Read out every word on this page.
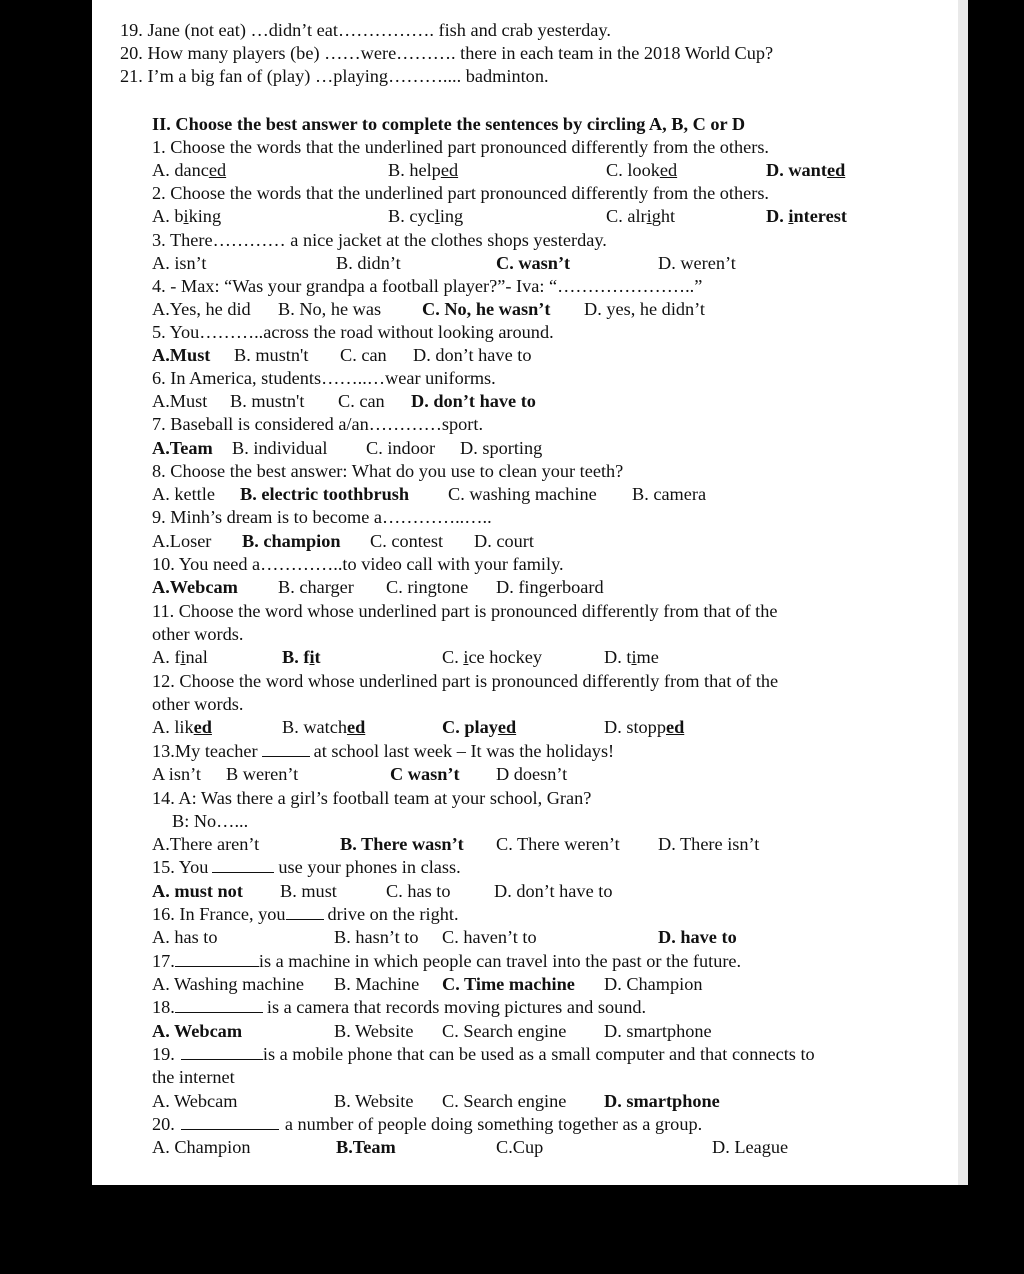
19. Jane (not eat) …didn’t eat……………. fish and crab yesterday.
20. How many players (be) ……were………. there in each team in the 2018 World Cup?
21. I’m a big fan of (play) …playing……….... badminton.
II. Choose the best answer to complete the sentences by circling A, B, C or D
1. Choose the words that the underlined part pronounced differently from the others.

A. danced

	B. helped

	C. looked

	D. wanted

2. Choose the words that the underlined part pronounced differently from the others.

A. biking

	B. cycling

	C. alright

	D. interest

3. There………… a nice jacket at the clothes shops yesterday.

A. isn’t

	B. didn’t

	C. wasn’t

	D. weren’t

4. - Max: “Was your grandpa a football player?”- Iva: “…………………..”

A.Yes, he did

B. No, he was

C. No, he wasn’t

D. yes, he didn’t

5. You………..across the road without looking around.

A.Must

B. mustn't

C. can

D. don’t have to

6. In America, students……..…wear uniforms.

A.Must

B. mustn't

C. can

D. don’t have to

7. Baseball is considered a/an…………sport.

A.Team

B. individual

C. indoor

D. sporting

8. Choose the best answer: What do you use to clean your teeth?

A. kettle

B. electric toothbrush

C. washing machine

B. camera

9. Minh’s dream is to become a…………..…..

A.Loser

B. champion

C. contest

D. court

10. You need a…………..to video call with your family.

A.Webcam

B. charger

C. ringtone

D. fingerboard

11. Choose the word whose underlined part is pronounced differently from that of the
other words.

A. final

	B. fit

	C. ice hockey

	D. time

12. Choose the word whose underlined part is pronounced differently from that of the
other words.

A. liked

	B. watched

	C. played

	D. stopped

13.My teacher	at school last week – It was the holidays!

A isn’t

B weren’t

	C wasn’t

D doesn’t

14. A: Was there a girl’s football team at your school, Gran?
B: No…...

A.There aren’t

	B. There wasn’t

C. There weren’t

D. There isn’t

15. You	use your phones in class.

A. must not

B. must

	C. has to

D. don’t have to

16. In France, you drive on the right.

A. has to

	B. hasn’t to

C. haven’t to

	D. have to

17.	is a machine in which people can travel into the past or the future.

A. Washing machine

B. Machine

C. Time machine

D. Champion

18.	is a camera that records moving pictures and sound.

A. Webcam

	B. Website

C. Search engine

D. smartphone

19.	is a mobile phone that can be used as a small computer and that connects to
the internet

A. Webcam

	B. Website

C. Search engine

D. smartphone

20.	a number of people doing something together as a group.

A. Champion

	B.Team

	C.Cup

	D. League
